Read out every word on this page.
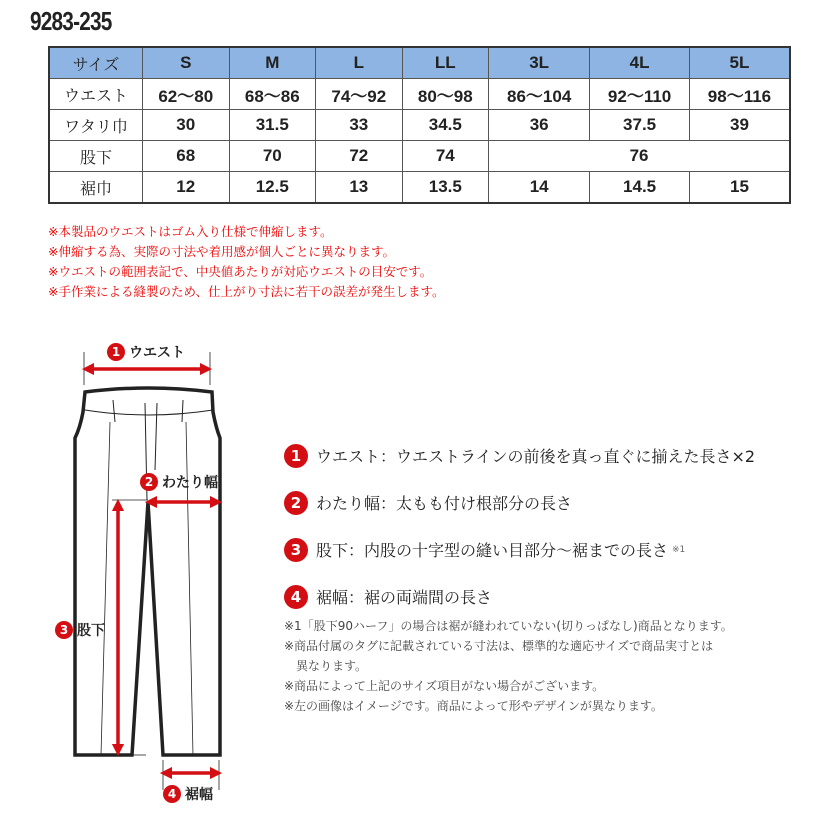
9283-235
サイズ	S	M	L	LL	3L	4L	5L
ウエスト	62〜80	68〜86	74〜92	80〜98	86〜104	92〜110	98〜116
ワタリ巾	30	31.5	33	34.5	36	37.5	39
股下	68	70	72	74	76		
裾巾	12	12.5	13	13.5	14	14.5	15
※本製品のウエストはゴム入り仕様で伸縮します。
※伸縮する為、実際の寸法や着用感が個人ごとに異なります。
※ウエストの範囲表記で、中央値あたりが対応ウエストの目安です。
※手作業による縫製のため、仕上がり寸法に若干の誤差が発生します。
1 ウエスト
2 わたり幅
3 股下
4 裾幅
1 ウエスト：ウエストラインの前後を真っ直ぐに揃えた長さ×2
2 わたり幅：太もも付け根部分の長さ
3 股下：内股の十字型の縫い目部分〜裾までの長さ ※1
4 裾幅：裾の両端間の長さ
※1「股下90ハーフ」の場合は裾が縫われていない(切りっぱなし)商品となります。
※商品付属のタグに記載されている寸法は、標準的な適応サイズで商品実寸とは
異なります。
※商品によって上記のサイズ項目がない場合がございます。
※左の画像はイメージです。商品によって形やデザインが異なります。
